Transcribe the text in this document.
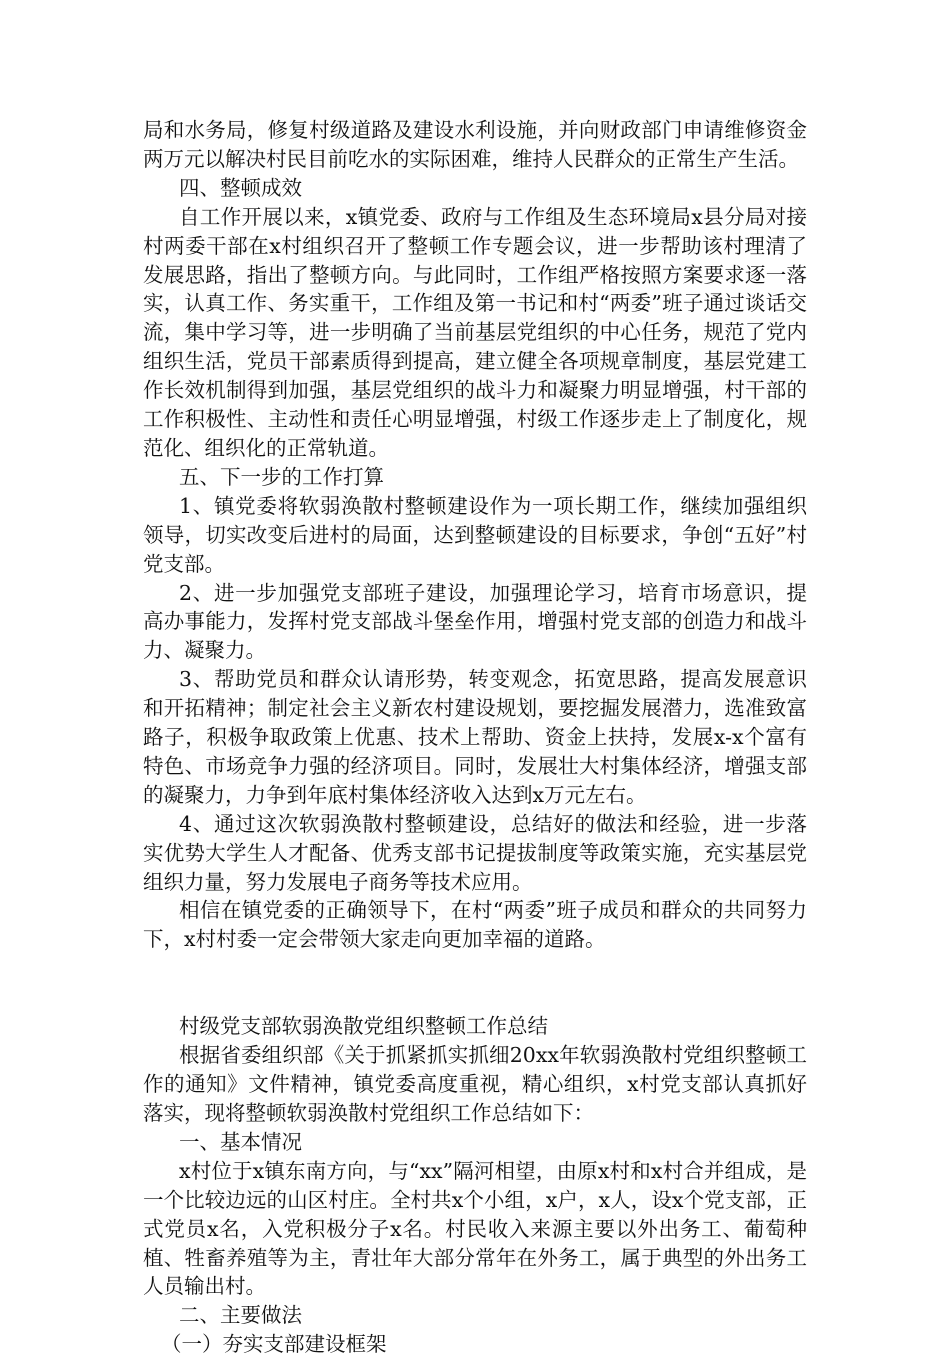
局和水务局，修复村级道路及建设水利设施，并向财政部门申请维修资金两万元以解决村民目前吃水的实际困难，维持人民群众的正常生产生活。

四、整顿成效

自工作开展以来，x镇党委、政府与工作组及生态环境局x县分局对接村两委干部在x村组织召开了整顿工作专题会议，进一步帮助该村理清了发展思路，指出了整顿方向。与此同时，工作组严格按照方案要求逐一落实，认真工作、务实重干，工作组及第一书记和村“两委”班子通过谈话交流，集中学习等，进一步明确了当前基层党组织的中心任务，规范了党内组织生活，党员干部素质得到提高，建立健全各项规章制度，基层党建工作长效机制得到加强，基层党组织的战斗力和凝聚力明显增强，村干部的工作积极性、主动性和责任心明显增强，村级工作逐步走上了制度化，规范化、组织化的正常轨道。

五、下一步的工作打算

1、镇党委将软弱涣散村整顿建设作为一项长期工作，继续加强组织领导，切实改变后进村的局面，达到整顿建设的目标要求，争创“五好”村党支部。

2、进一步加强党支部班子建设，加强理论学习，培育市场意识，提高办事能力，发挥村党支部战斗堡垒作用，增强村党支部的创造力和战斗力、凝聚力。

3、帮助党员和群众认请形势，转变观念，拓宽思路，提高发展意识和开拓精神；制定社会主义新农村建设规划，要挖掘发展潜力，选准致富路子，积极争取政策上优惠、技术上帮助、资金上扶持，发展x-x个富有特色、市场竞争力强的经济项目。同时，发展壮大村集体经济，增强支部的凝聚力，力争到年底村集体经济收入达到x万元左右。

4、通过这次软弱涣散村整顿建设，总结好的做法和经验，进一步落实优势大学生人才配备、优秀支部书记提拔制度等政策实施，充实基层党组织力量，努力发展电子商务等技术应用。

相信在镇党委的正确领导下，在村“两委”班子成员和群众的共同努力下，x村村委一定会带领大家走向更加幸福的道路。

村级党支部软弱涣散党组织整顿工作总结

根据省委组织部《关于抓紧抓实抓细20xx年软弱涣散村党组织整顿工作的通知》文件精神，镇党委高度重视，精心组织，x村党支部认真抓好落实，现将整顿软弱涣散村党组织工作总结如下：

一、基本情况

x村位于x镇东南方向，与“xx”隔河相望，由原x村和x村合并组成，是一个比较边远的山区村庄。全村共x个小组，x户，x人，设x个党支部，正式党员x名，入党积极分子x名。村民收入来源主要以外出务工、葡萄种植、牲畜养殖等为主，青壮年大部分常年在外务工，属于典型的外出务工人员输出村。

二、主要做法

（一）夯实支部建设框架
